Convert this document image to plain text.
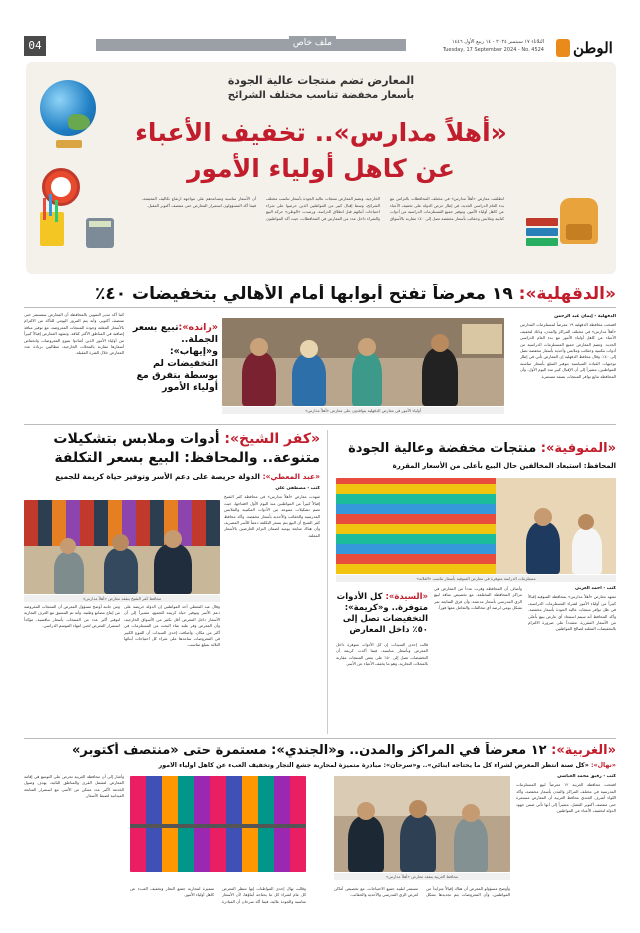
الوطن
الثلاثاء ١٧ سبتمبر ٢٠٢٤ - ١٤ ربيع الأول ١٤٤٦
Tuesday, 17 September 2024 - No. 4524
ملف خاص
04
المعارض تضم منتجات عالية الجودة
بأسعار مخفضة تناسب مختلف الشرائح
«أهلاً مدارس».. تخفيف الأعباء
عن كاهل أولياء الأمور
انطلقت معارض «أهلاً مدارس» في مختلف المحافظات بالتزامن مع بدء العام الدراسي الجديد، في إطار حرص الدولة على تخفيف الأعباء عن كاهل أولياء الأمور، وتوفير جميع المستلزمات الدراسية من أدوات كتابية وملابس وحقائب بأسعار مخفضة تصل إلى ٤٠٪ مقارنة بالأسواق الخارجية. وتضم المعارض منتجات عالية الجودة بأسعار تناسب مختلف الشرائح، وسط إقبال كبير من المواطنين الذين حرصوا على شراء احتياجات أبنائهم قبل انطلاق الدراسة. ورصدت «الوطن» حركة البيع والشراء داخل عدد من المعارض في المحافظات، حيث أكد المواطنون أن الأسعار مناسبة وتساعدهم على مواجهة ارتفاع تكاليف المعيشة، فيما أكد المسؤولون استمرار المعارض حتى منتصف أكتوبر المقبل.
«الدقهلية»: ١٩ معرضاً تفتح أبوابها أمام الأهالي بتخفيضات ٤٠٪

الدقهلية - إيمان عبد الرحمن

افتتحت محافظة الدقهلية ١٩ معرضاً لمستلزمات المدارس «أهلاً مدارس» في مختلف المراكز والمدن، وذلك لتخفيف الأعباء عن كاهل أولياء الأمور مع بدء العام الدراسي الجديد. وتضم المعارض جميع المستلزمات الدراسية من أدوات مكتبية وحقائب وملابس وأحذية بأسعار مخفضة تصل إلى ٤٠٪. وقال محافظ الدقهلية إن المعارض تأتي في إطار توجيهات القيادة السياسية بتوفير السلع بأسعار مناسبة للمواطنين، مشيراً إلى أن الإقبال كبير منذ اليوم الأول، وأن المحافظة تتابع توافر المنتجات بصفة مستمرة.

أولياء الأمور في معارض الدقهلية يتوافدون على معارض «أهلاً مدارس»
«رانده»:تبيع بسعر الجملة.. و«إيهاب»:
التخفيضات لم بوسطة بتفرق مع أولياء الأمور

كما أكد مدير التموين بالمحافظة أن المعارض ستستمر حتى منتصف أكتوبر، وأنه يتم المرور اليومي للتأكد من الالتزام بالأسعار المعلنة وجودة المنتجات المعروضة، مع توفير منافذ إضافية في المناطق الأكثر كثافة. وتشهد المعارض إقبالاً كبيراً من أولياء الأمور الذين أشادوا بتنوع المعروضات وانخفاض أسعارها مقارنة بالمحلات الخارجية، مطالبين بزيادة عدد المعارض خلال الفترة المقبلة.

«كفر الشيخ»: أدوات وملابس بتشكيلات
متنوعة.. والمحافظ: البيع بسعر التكلفة
«عبد المعطي»: الدولة حريصة على دعم الأسر وتوفير حياة كريمة للجميع

كتب - مصطفى علي

شهدت معارض «أهلاً مدارس» في محافظة كفر الشيخ إقبالاً كبيراً من المواطنين منذ اليوم الأول لافتتاحها، حيث تضم تشكيلات متنوعة من الأدوات المكتبية والملابس المدرسية والحقائب والأحذية بأسعار مخفضة. وأكد محافظ كفر الشيخ أن البيع يتم بسعر التكلفة دعماً للأسر المصرية، وأن هناك متابعة يومية لضمان التزام العارضين بالأسعار المعلنة.

محافظ كفر الشيخ يتفقد معارض «أهلاً مدارس»

وقال عبد المعطي أحد المواطنين إن الدولة حريصة على دعم الأسر وتوفير حياة كريمة للجميع، مشيراً إلى أن الأسعار داخل المعرض أقل بكثير من الأسواق الخارجية، وأن المعرض وفر عليه عناء البحث عن المستلزمات في أكثر من مكان. وأضافت إحدى السيدات أن التنوع الكبير في المعروضات ساعدها على شراء كل احتياجات أبنائها الثلاثة بمبلغ مناسب.

ومن جانبه أوضح مسؤول المعرض أن المنتجات المعروضة من إنتاج مصانع وطنية، وأنه تم التنسيق مع الغرف التجارية لتوفير أكبر عدد من المنتجات بأسعار تنافسية، مؤكداً استمرار المعرض لحين انتهاء الموسم الدراسي.

«المنوفية»: منتجات مخفضة وعالية الجودة
المحافظ: استبعاد المخالفين حال البيع بأعلى من الأسعار المقررة
مستلزمات الدراسة متوفرة في معارض المنوفية بأسعار تناسب «الغلابة»

كتب - أحمد العزبي

تشهد معارض «أهلاً مدارس» بمحافظة المنوفية إقبالاً كبيراً من أولياء الأمور لشراء المستلزمات الدراسية، في ظل توافر منتجات عالية الجودة بأسعار مخفضة. وأكد المحافظ أنه سيتم استبعاد أي عارض يبيع بأعلى من الأسعار المقررة، مشدداً على ضرورة الالتزام بالتخفيضات المعلنة لصالح المواطنين.

وأضاف أن المحافظة وفرت عدداً من المعارض في مراكز المحافظة المختلفة، مع تخصيص منافذ لبيع الزي المدرسي بأسعار مدعمة، وأن فرق المتابعة تمر بشكل يومي لرصد أي مخالفات والتعامل معها فوراً.

«السيدة»: كل الأدوات متوفرة.. و«كريمة»:
التخفيضات تصل إلى ٥٠٪ داخل المعارض

قالت إحدى السيدات إن كل الأدوات متوفرة داخل المعرض وبأسعار مناسبة، فيما أكدت كريمة أن التخفيضات تصل إلى ٥٠٪ على بعض المنتجات مقارنة بالمحلات التجارية، وهو ما يخفف الأعباء عن الأسر.

«الغربية»: ١٢ معرضاً في المراكز والمدن.. و«الجندي»: مستمرة حتى «منتصف أكتوبر»
«نهال»: «كل سنة أنتظر المعرض لشراء كل ما يحتاجه أبنائي».. و«سرحان»: مبادرة متميزة لمحاربة جشع التجار وتخفيف العبء عن كاهل أولياء الأمور

كتب - رفيق محمد الغباشي

افتتحت محافظة الغربية ١٢ معرضاً لبيع المستلزمات المدرسية في مختلف المراكز والمدن بأسعار مخفضة، وأكد اللواء أشرف الجندي محافظ الغربية أن المعارض مستمرة حتى منتصف أكتوبر المقبل، مشيراً إلى أنها تأتي ضمن جهود الدولة لتخفيف الأعباء عن المواطنين.

محافظ الغربية يتفقد معارض «أهلاً مدارس»

وقالت نهال إحدى المواطنات إنها تنتظر المعرض كل عام لشراء كل ما يحتاجه أبناؤها، لأن الأسعار مناسبة والجودة عالية، فيما أكد سرحان أن المبادرة متميزة لمحاربة جشع التجار وتخفيف العبء عن كاهل أولياء الأمور.

وأوضح مسؤولو المعرض أن هناك إقبالاً متزايداً من المواطنين، وأن المعروضات يتم تجديدها بشكل مستمر لتلبية جميع الاحتياجات، مع تخصيص أماكن لعرض الزي المدرسي والأحذية والحقائب.

وأشار إلى أن محافظة الغربية تحرص على التوسع في إقامة المعارض لتشمل القرى والمناطق النائية، بهدف وصول الخدمة لأكبر عدد ممكن من الأسر، مع استمرار المتابعة الميدانية لضبط الأسعار.
